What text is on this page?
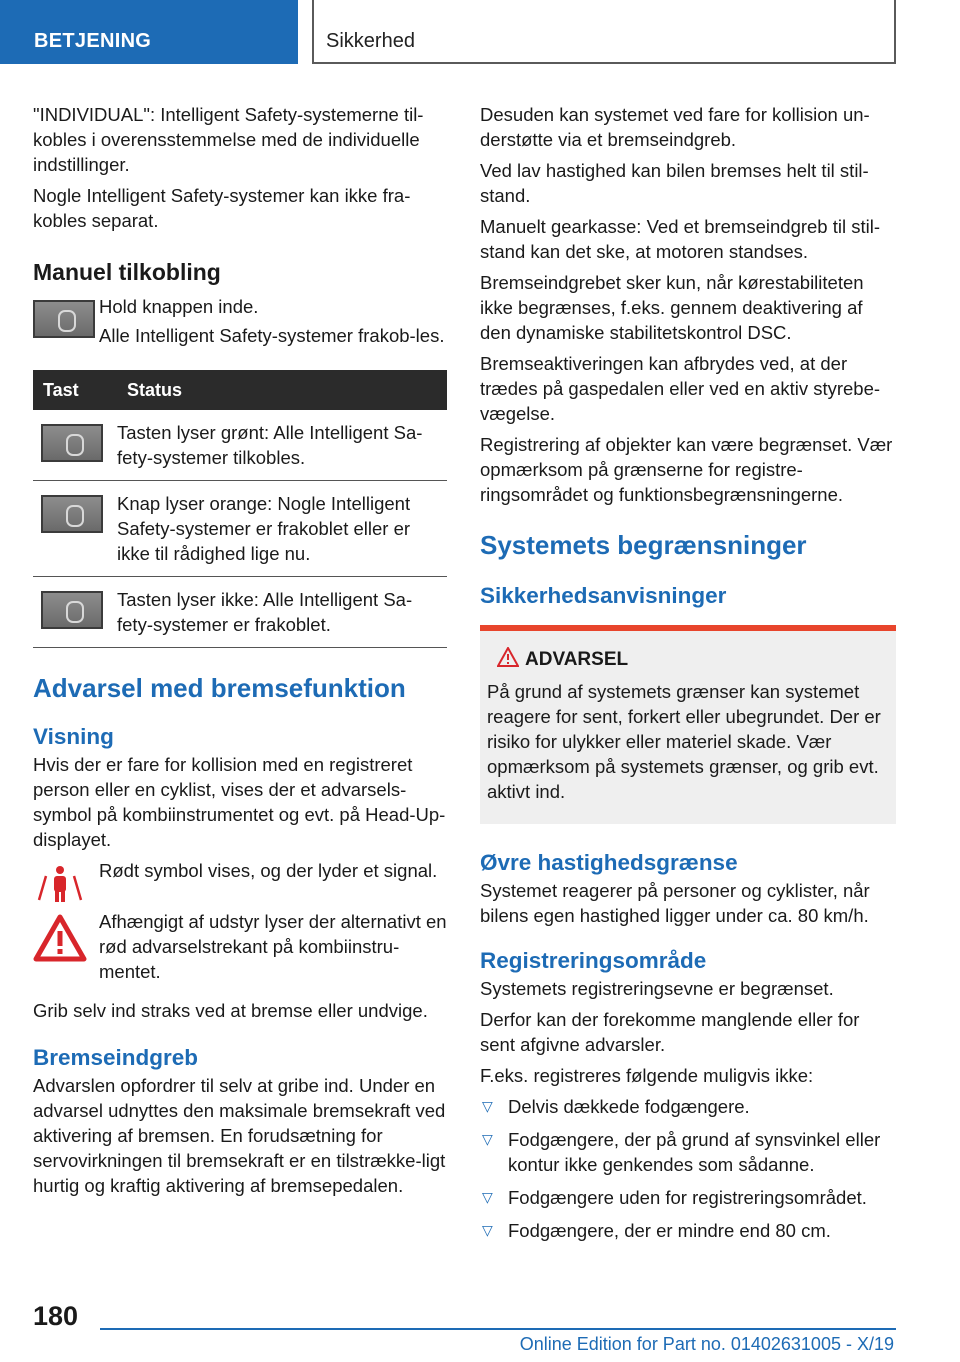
BETJENING	Sikkerhed

"INDIVIDUAL": Intelligent Safety-systemerne til-kobles i overensstemmelse med de individuelle indstillinger.

Nogle Intelligent Safety-systemer kan ikke fra-kobles separat.

Manuel tilkobling

Hold knappen inde.

Alle Intelligent Safety-systemer frakob-les.

Tast	Status
	Tasten lyser grønt: Alle Intelligent Sa-fety-systemer tilkobles.
	Knap lyser orange: Nogle Intelligent Safety-systemer er frakoblet eller er ikke til rådighed lige nu.
	Tasten lyser ikke: Alle Intelligent Sa-fety-systemer er frakoblet.
Advarsel med bremsefunktion
Visning

Hvis der er fare for kollision med en registreret person eller en cyklist, vises der et advarsels-symbol på kombiinstrumentet og evt. på Head-Up-displayet.

Rødt symbol vises, og der lyder et signal.

Afhængigt af udstyr lyser der alternativt en rød advarselstrekant på kombiinstru-mentet.

Grib selv ind straks ved at bremse eller undvige.

Bremseindgreb

Advarslen opfordrer til selv at gribe ind. Under en advarsel udnyttes den maksimale bremsekraft ved aktivering af bremsen. En forudsætning for servovirkningen til bremsekraft er en tilstrække-ligt hurtig og kraftig aktivering af bremsepedalen.

Desuden kan systemet ved fare for kollision un-derstøtte via et bremseindgreb.

Ved lav hastighed kan bilen bremses helt til stil-stand.

Manuelt gearkasse: Ved et bremseindgreb til stil-stand kan det ske, at motoren standses.

Bremseindgrebet sker kun, når kørestabiliteten ikke begrænses, f.eks. gennem deaktivering af den dynamiske stabilitetskontrol DSC.

Bremseaktiveringen kan afbrydes ved, at der trædes på gaspedalen eller ved en aktiv styrebe-vægelse.

Registrering af objekter kan være begrænset. Vær opmærksom på grænserne for registre-ringsområdet og funktionsbegrænsningerne.

Systemets begrænsninger
Sikkerhedsanvisninger
ADVARSEL

På grund af systemets grænser kan systemet reagere for sent, forkert eller ubegrundet. Der er risiko for ulykker eller materiel skade. Vær opmærksom på systemets grænser, og grib evt. aktivt ind.

Øvre hastighedsgrænse

Systemet reagerer på personer og cyklister, når bilens egen hastighed ligger under ca. 80 km/h.

Registreringsområde

Systemets registreringsevne er begrænset.

Derfor kan der forekomme manglende eller for sent afgivne advarsler.

F.eks. registreres følgende muligvis ikke:

▽ Delvis dækkede fodgængere.
▽ Fodgængere, der på grund af synsvinkel eller kontur ikke genkendes som sådanne.
▽ Fodgængere uden for registreringsområdet.
▽ Fodgængere, der er mindre end 80 cm.
180
Online Edition for Part no. 01402631005 - X/19
